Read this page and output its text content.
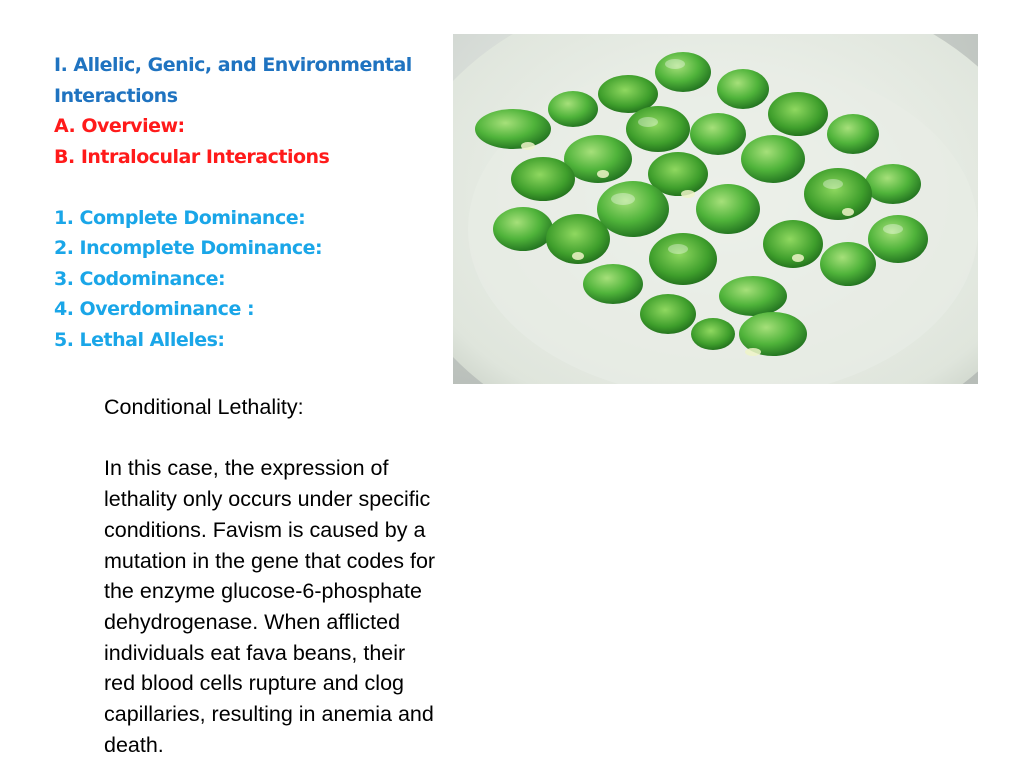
I. Allelic, Genic, and Environmental
Interactions
A. Overview:
B. Intralocular Interactions
1. Complete Dominance:
2. Incomplete Dominance:
3. Codominance:
4. Overdominance :
5. Lethal Alleles:

Conditional Lethality:

In this case, the expression of

lethality only occurs under specific

conditions. Favism is caused by a

mutation in the gene that codes for

the enzyme glucose-6-phosphate

dehydrogenase. When afflicted

individuals eat fava beans, their

red blood cells rupture and clog

capillaries, resulting in anemia and

death.
